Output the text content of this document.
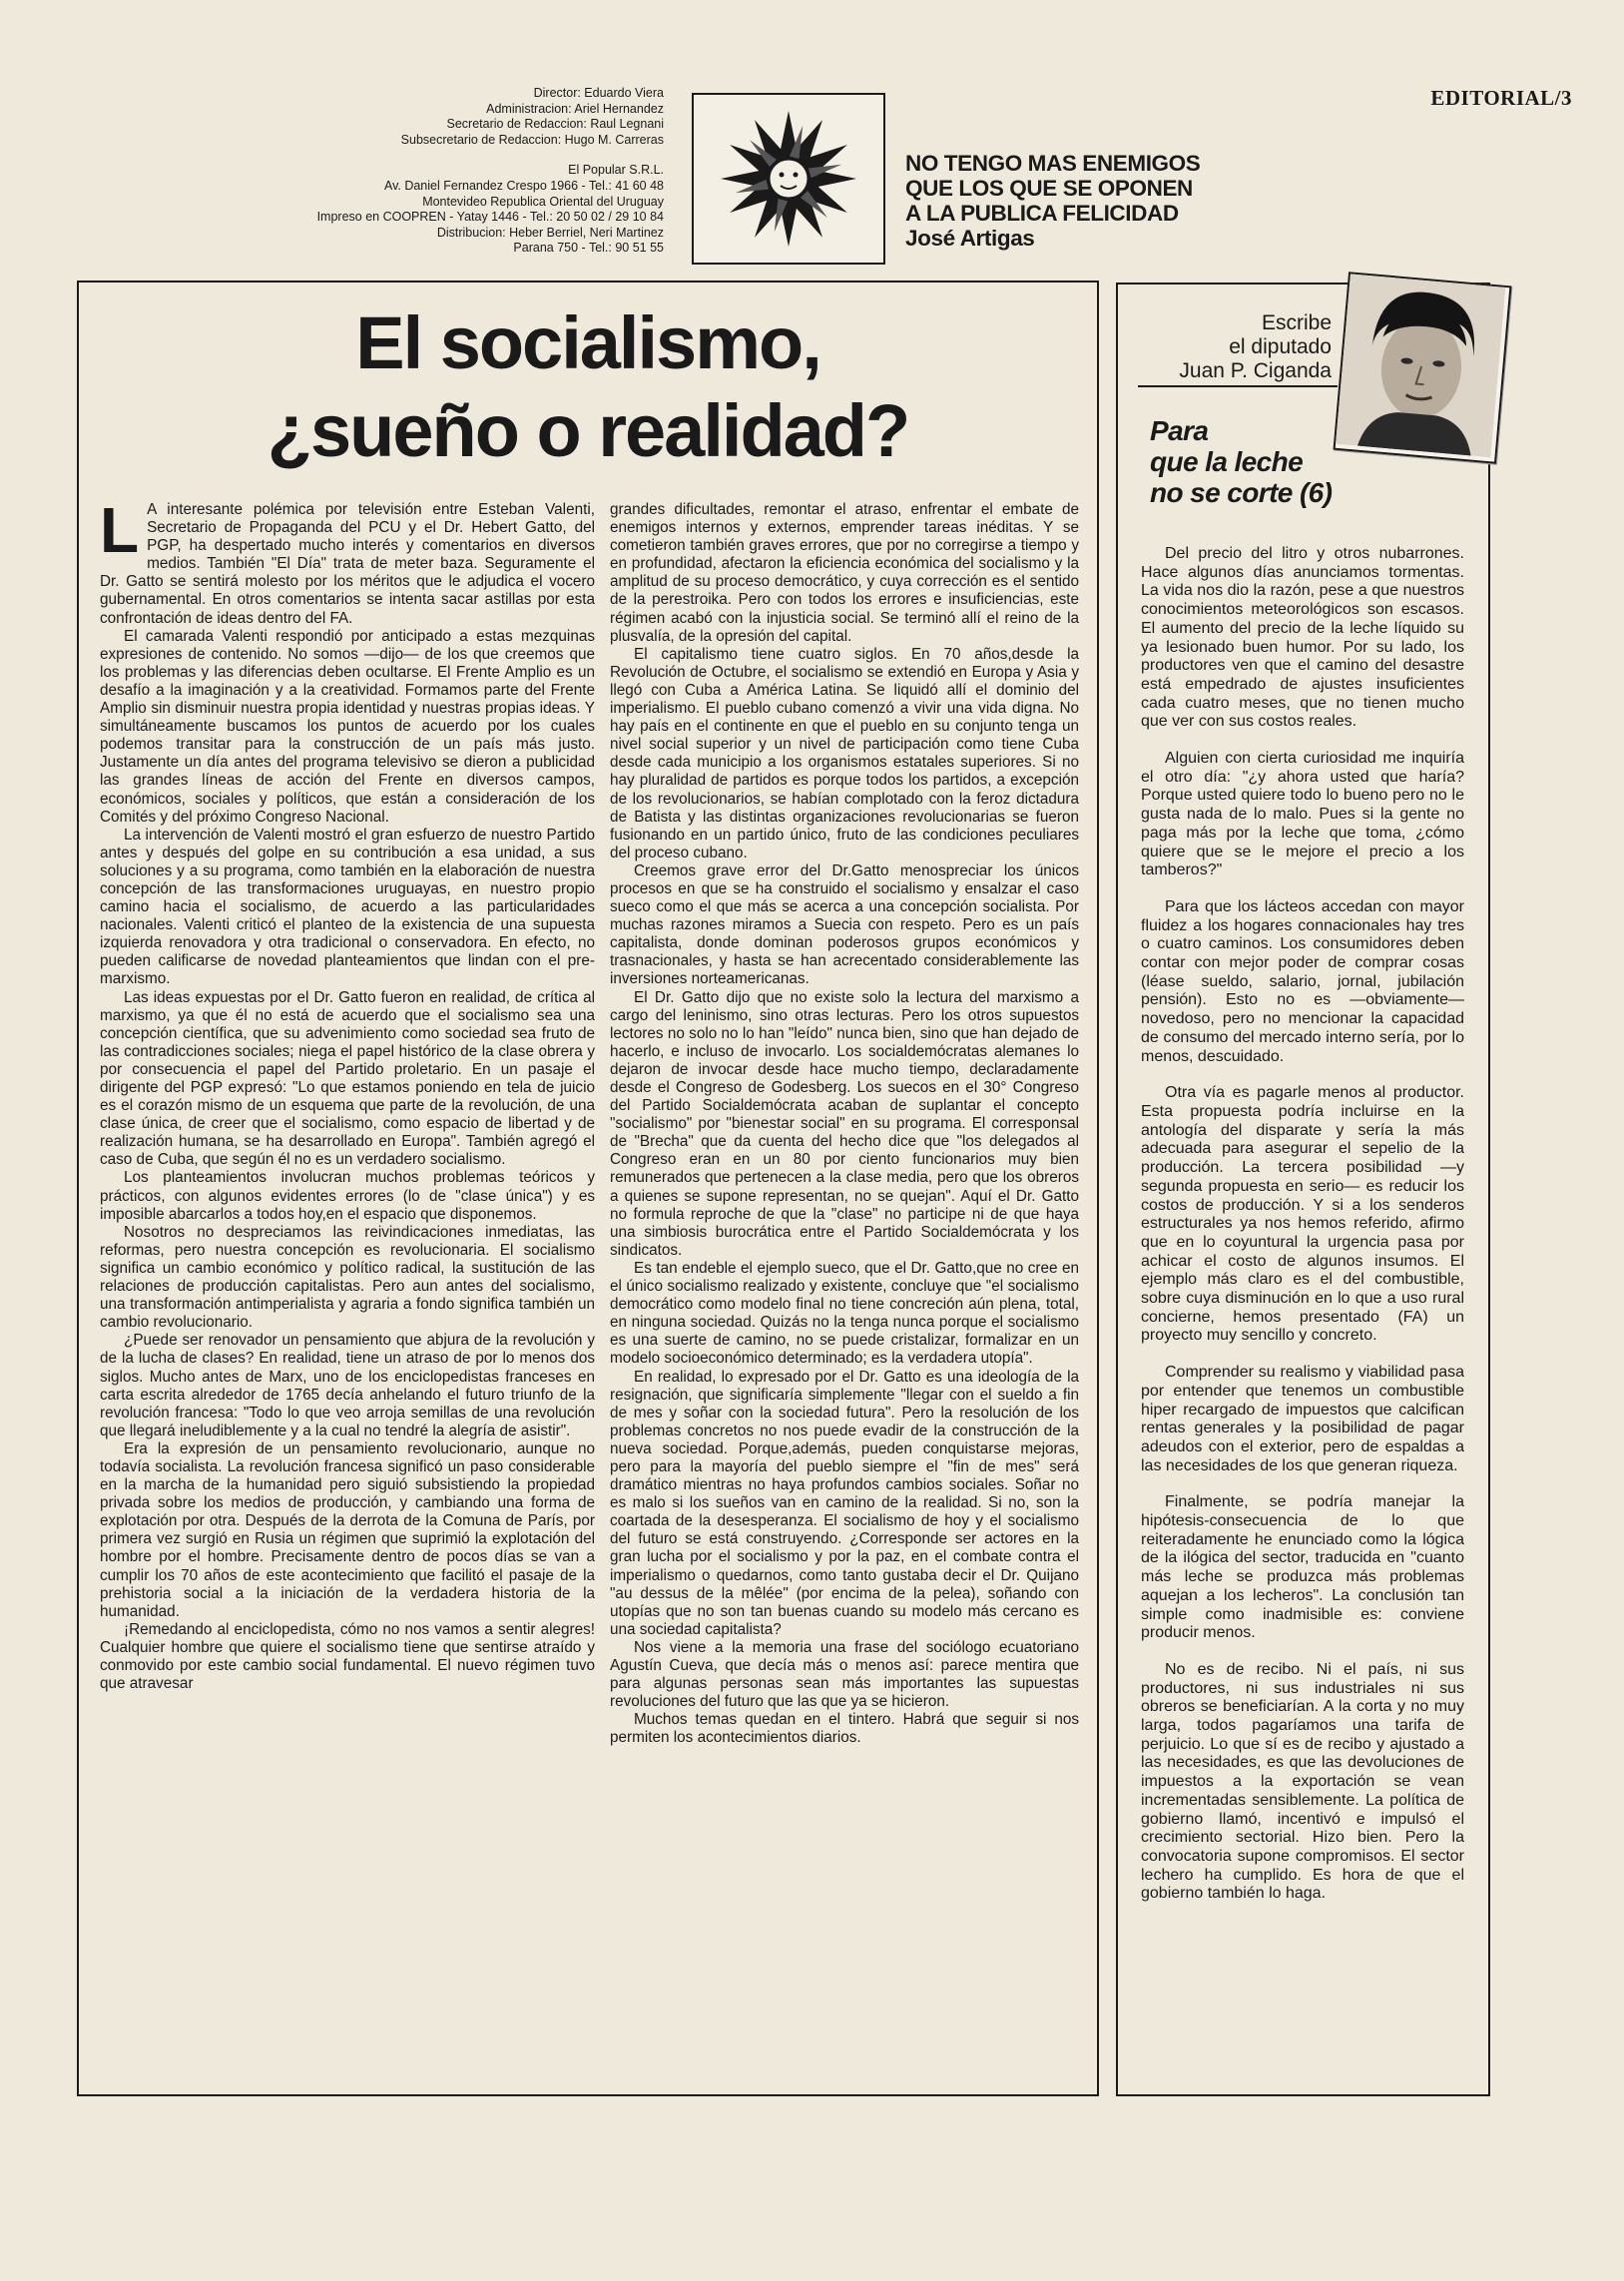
EDITORIAL/3
Director: Eduardo Viera
Administracion: Ariel Hernandez
Secretario de Redaccion: Raul Legnani
Subsecretario de Redaccion: Hugo M. Carreras
El Popular S.R.L.
Av. Daniel Fernandez Crespo 1966 - Tel.: 41 60 48
Montevideo Republica Oriental del Uruguay
Impreso en COOPREN - Yatay 1446 - Tel.: 20 50 02 / 29 10 84
Distribucion: Heber Berriel, Neri Martinez
Parana 750 - Tel.: 90 51 55
NO TENGO MAS ENEMIGOS
QUE LOS QUE SE OPONEN
A LA PUBLICA FELICIDAD
José Artigas
El socialismo,
¿sueño o realidad?

L A interesante polémica por televisión entre Esteban Valenti, Secretario de Propaganda del PCU y el Dr. Hebert Gatto, del PGP, ha despertado mucho interés y comentarios en diversos medios. También "El Día" trata de meter baza. Seguramente el Dr. Gatto se sentirá molesto por los méritos que le adjudica el vocero gubernamental. En otros comentarios se intenta sacar astillas por esta confrontación de ideas dentro del FA.

El camarada Valenti respondió por anticipado a estas mezquinas expresiones de contenido. No somos —dijo— de los que creemos que los problemas y las diferencias deben ocultarse. El Frente Amplio es un desafío a la imaginación y a la creatividad. Formamos parte del Frente Amplio sin disminuir nuestra propia identidad y nuestras propias ideas. Y simultáneamente buscamos los puntos de acuerdo por los cuales podemos transitar para la construcción de un país más justo. Justamente un día antes del programa televisivo se dieron a publicidad las grandes líneas de acción del Frente en diversos campos, económicos, sociales y políticos, que están a consideración de los Comités y del próximo Congreso Nacional.

La intervención de Valenti mostró el gran esfuerzo de nuestro Partido antes y después del golpe en su contribución a esa unidad, a sus soluciones y a su programa, como también en la elaboración de nuestra concepción de las transformaciones uruguayas, en nuestro propio camino hacia el socialismo, de acuerdo a las particularidades nacionales. Valenti criticó el planteo de la existencia de una supuesta izquierda renovadora y otra tradicional o conservadora. En efecto, no pueden calificarse de novedad planteamientos que lindan con el pre-marxismo.

Las ideas expuestas por el Dr. Gatto fueron en realidad, de crítica al marxismo, ya que él no está de acuerdo que el socialismo sea una concepción científica, que su advenimiento como sociedad sea fruto de las contradicciones sociales; niega el papel histórico de la clase obrera y por consecuencia el papel del Partido proletario. En un pasaje el dirigente del PGP expresó: "Lo que estamos poniendo en tela de juicio es el corazón mismo de un esquema que parte de la revolución, de una clase única, de creer que el socialismo, como espacio de libertad y de realización humana, se ha desarrollado en Europa". También agregó el caso de Cuba, que según él no es un verdadero socialismo.

Los planteamientos involucran muchos problemas teóricos y prácticos, con algunos evidentes errores (lo de "clase única") y es imposible abarcarlos a todos hoy,en el espacio que disponemos.

Nosotros no despreciamos las reivindicaciones inmediatas, las reformas, pero nuestra concepción es revolucionaria. El socialismo significa un cambio económico y político radical, la sustitución de las relaciones de producción capitalistas. Pero aun antes del socialismo, una transformación antimperialista y agraria a fondo significa también un cambio revolucionario.

¿Puede ser renovador un pensamiento que abjura de la revolución y de la lucha de clases? En realidad, tiene un atraso de por lo menos dos siglos. Mucho antes de Marx, uno de los enciclopedistas franceses en carta escrita alrededor de 1765 decía anhelando el futuro triunfo de la revolución francesa: "Todo lo que veo arroja semillas de una revolución que llegará ineludiblemente y a la cual no tendré la alegría de asistir".

Era la expresión de un pensamiento revolucionario, aunque no todavía socialista. La revolución francesa significó un paso considerable en la marcha de la humanidad pero siguió subsistiendo la propiedad privada sobre los medios de producción, y cambiando una forma de explotación por otra. Después de la derrota de la Comuna de París, por primera vez surgió en Rusia un régimen que suprimió la explotación del hombre por el hombre. Precisamente dentro de pocos días se van a cumplir los 70 años de este acontecimiento que facilitó el pasaje de la prehistoria social a la iniciación de la verdadera historia de la humanidad.

¡Remedando al enciclopedista, cómo no nos vamos a sentir alegres! Cualquier hombre que quiere el socialismo tiene que sentirse atraído y conmovido por este cambio social fundamental. El nuevo régimen tuvo que atravesar

grandes dificultades, remontar el atraso, enfrentar el embate de enemigos internos y externos, emprender tareas inéditas. Y se cometieron también graves errores, que por no corregirse a tiempo y en profundidad, afectaron la eficiencia económica del socialismo y la amplitud de su proceso democrático, y cuya corrección es el sentido de la perestroika. Pero con todos los errores e insuficiencias, este régimen acabó con la injusticia social. Se terminó allí el reino de la plusvalía, de la opresión del capital.

El capitalismo tiene cuatro siglos. En 70 años,desde la Revolución de Octubre, el socialismo se extendió en Europa y Asia y llegó con Cuba a América Latina. Se liquidó allí el dominio del imperialismo. El pueblo cubano comenzó a vivir una vida digna. No hay país en el continente en que el pueblo en su conjunto tenga un nivel social superior y un nivel de participación como tiene Cuba desde cada municipio a los organismos estatales superiores. Si no hay pluralidad de partidos es porque todos los partidos, a excepción de los revolucionarios, se habían complotado con la feroz dictadura de Batista y las distintas organizaciones revolucionarias se fueron fusionando en un partido único, fruto de las condiciones peculiares del proceso cubano.

Creemos grave error del Dr.Gatto menospreciar los únicos procesos en que se ha construido el socialismo y ensalzar el caso sueco como el que más se acerca a una concepción socialista. Por muchas razones miramos a Suecia con respeto. Pero es un país capitalista, donde dominan poderosos grupos económicos y trasnacionales, y hasta se han acrecentado considerablemente las inversiones norteamericanas.

El Dr. Gatto dijo que no existe solo la lectura del marxismo a cargo del leninismo, sino otras lecturas. Pero los otros supuestos lectores no solo no lo han "leído" nunca bien, sino que han dejado de hacerlo, e incluso de invocarlo. Los socialdemócratas alemanes lo dejaron de invocar desde hace mucho tiempo, declaradamente desde el Congreso de Godesberg. Los suecos en el 30° Congreso del Partido Socialdemócrata acaban de suplantar el concepto "socialismo" por "bienestar social" en su programa. El corresponsal de "Brecha" que da cuenta del hecho dice que "los delegados al Congreso eran en un 80 por ciento funcionarios muy bien remunerados que pertenecen a la clase media, pero que los obreros a quienes se supone representan, no se quejan". Aquí el Dr. Gatto no formula reproche de que la "clase" no participe ni de que haya una simbiosis burocrática entre el Partido Socialdemócrata y los sindicatos.

Es tan endeble el ejemplo sueco, que el Dr. Gatto,que no cree en el único socialismo realizado y existente, concluye que "el socialismo democrático como modelo final no tiene concreción aún plena, total, en ninguna sociedad. Quizás no la tenga nunca porque el socialismo es una suerte de camino, no se puede cristalizar, formalizar en un modelo socioeconómico determinado; es la verdadera utopía".

En realidad, lo expresado por el Dr. Gatto es una ideología de la resignación, que significaría simplemente "llegar con el sueldo a fin de mes y soñar con la sociedad futura". Pero la resolución de los problemas concretos no nos puede evadir de la construcción de la nueva sociedad. Porque,además, pueden conquistarse mejoras, pero para la mayoría del pueblo siempre el "fin de mes" será dramático mientras no haya profundos cambios sociales. Soñar no es malo si los sueños van en camino de la realidad. Si no, son la coartada de la desesperanza. El socialismo de hoy y el socialismo del futuro se está construyendo. ¿Corresponde ser actores en la gran lucha por el socialismo y por la paz, en el combate contra el imperialismo o quedarnos, como tanto gustaba decir el Dr. Quijano "au dessus de la mêlée" (por encima de la pelea), soñando con utopías que no son tan buenas cuando su modelo más cercano es una sociedad capitalista?

Nos viene a la memoria una frase del sociólogo ecuatoriano Agustín Cueva, que decía más o menos así: parece mentira que para algunas personas sean más importantes las supuestas revoluciones del futuro que las que ya se hicieron.

Muchos temas quedan en el tintero. Habrá que seguir si nos permiten los acontecimientos diarios.

Escribe
el diputado
Juan P. Ciganda
Para
que la leche
no se corte (6)

Del precio del litro y otros nubarrones. Hace algunos días anunciamos tormentas. La vida nos dio la razón, pese a que nuestros conocimientos meteorológicos son escasos. El aumento del precio de la leche líquido su ya lesionado buen humor. Por su lado, los productores ven que el camino del desastre está empedrado de ajustes insuficientes cada cuatro meses, que no tienen mucho que ver con sus costos reales.

Alguien con cierta curiosidad me inquiría el otro día: "¿y ahora usted que haría? Porque usted quiere todo lo bueno pero no le gusta nada de lo malo. Pues si la gente no paga más por la leche que toma, ¿cómo quiere que se le mejore el precio a los tamberos?"

Para que los lácteos accedan con mayor fluidez a los hogares connacionales hay tres o cuatro caminos. Los consumidores deben contar con mejor poder de comprar cosas (léase sueldo, salario, jornal, jubilación pensión). Esto no es —obviamente— novedoso, pero no mencionar la capacidad de consumo del mercado interno sería, por lo menos, descuidado.

Otra vía es pagarle menos al productor. Esta propuesta podría incluirse en la antología del disparate y sería la más adecuada para asegurar el sepelio de la producción. La tercera posibilidad —y segunda propuesta en serio— es reducir los costos de producción. Y si a los senderos estructurales ya nos hemos referido, afirmo que en lo coyuntural la urgencia pasa por achicar el costo de algunos insumos. El ejemplo más claro es el del combustible, sobre cuya disminución en lo que a uso rural concierne, hemos presentado (FA) un proyecto muy sencillo y concreto.

Comprender su realismo y viabilidad pasa por entender que tenemos un combustible hiper recargado de impuestos que calcifican rentas generales y la posibilidad de pagar adeudos con el exterior, pero de espaldas a las necesidades de los que generan riqueza.

Finalmente, se podría manejar la hipótesis-consecuencia de lo que reiteradamente he enunciado como la lógica de la ilógica del sector, traducida en "cuanto más leche se produzca más problemas aquejan a los lecheros". La conclusión tan simple como inadmisible es: conviene producir menos.

No es de recibo. Ni el país, ni sus productores, ni sus industriales ni sus obreros se beneficiarían. A la corta y no muy larga, todos pagaríamos una tarifa de perjuicio. Lo que sí es de recibo y ajustado a las necesidades, es que las devoluciones de impuestos a la exportación se vean incrementadas sensiblemente. La política de gobierno llamó, incentivó e impulsó el crecimiento sectorial. Hizo bien. Pero la convocatoria supone compromisos. El sector lechero ha cumplido. Es hora de que el gobierno también lo haga.
